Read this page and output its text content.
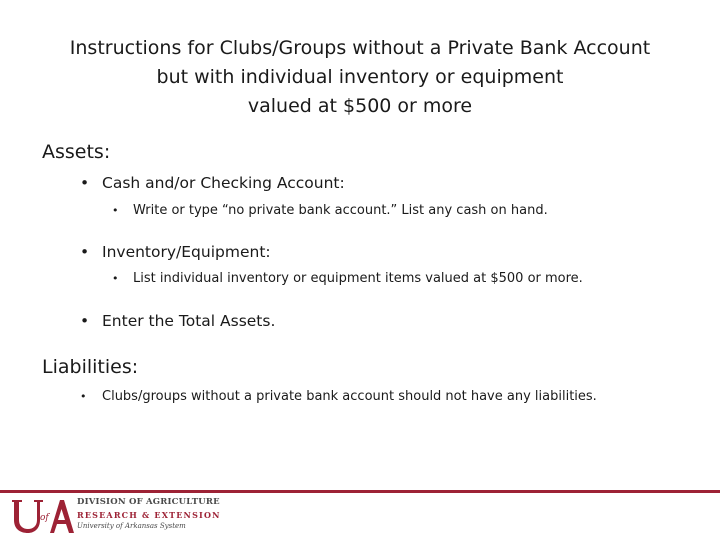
Instructions for Clubs/Groups without a Private Bank Account
but with individual inventory or equipment
valued at $500 or more
Assets:
• Cash and/or Checking Account:
• Write or type “no private bank account.” List any cash on hand.
• Inventory/Equipment:
• List individual inventory or equipment items valued at $500 or more.
• Enter the Total Assets.
Liabilities:
• Clubs/groups without a private bank account should not have any liabilities.
of
DIVISION OF AGRICULTURE
RESEARCH & EXTENSION
University of Arkansas System
